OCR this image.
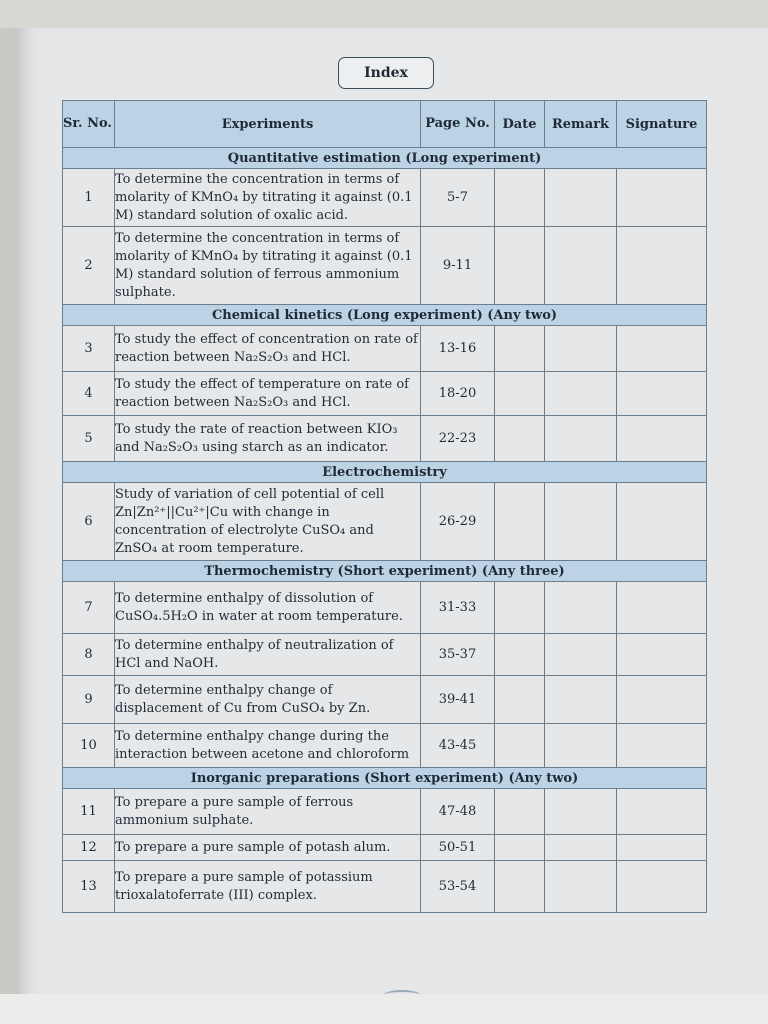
Index
Sr. No.	Experiments	Page No.	Date	Remark	Signature
Quantitative estimation (Long experiment)					
1	To determine the concentration in terms of molarity of KMnO₄ by titrating it against (0.1 M) standard solution of oxalic acid.	5-7			
2	To determine the concentration in terms of molarity of KMnO₄ by titrating it against (0.1 M) standard solution of ferrous ammonium sulphate.	9-11			
Chemical kinetics (Long experiment) (Any two)					
3	To study the effect of concentration on rate of reaction between Na₂S₂O₃ and HCl.	13-16			
4	To study the effect of temperature on rate of reaction between Na₂S₂O₃ and HCl.	18-20			
5	To study the rate of reaction between KIO₃ and Na₂S₂O₃ using starch as an indicator.	22-23			
Electrochemistry					
6	Study of variation of cell potential of cell Zn|Zn²⁺||Cu²⁺|Cu with change in concentration of electrolyte CuSO₄ and ZnSO₄ at room temperature.	26-29			
Thermochemistry (Short experiment) (Any three)					
7	To determine enthalpy of dissolution of CuSO₄.5H₂O in water at room temperature.	31-33			
8	To determine enthalpy of neutralization of HCl and NaOH.	35-37			
9	To determine enthalpy change of displacement of Cu from CuSO₄ by Zn.	39-41			
10	To determine enthalpy change during the interaction between acetone and chloroform	43-45			
Inorganic preparations (Short experiment) (Any two)					
11	To prepare a pure sample of ferrous ammonium sulphate.	47-48			
12	To prepare a pure sample of potash alum.	50-51			
13	To prepare a pure sample of potassium trioxalatoferrate (III) complex.	53-54			
